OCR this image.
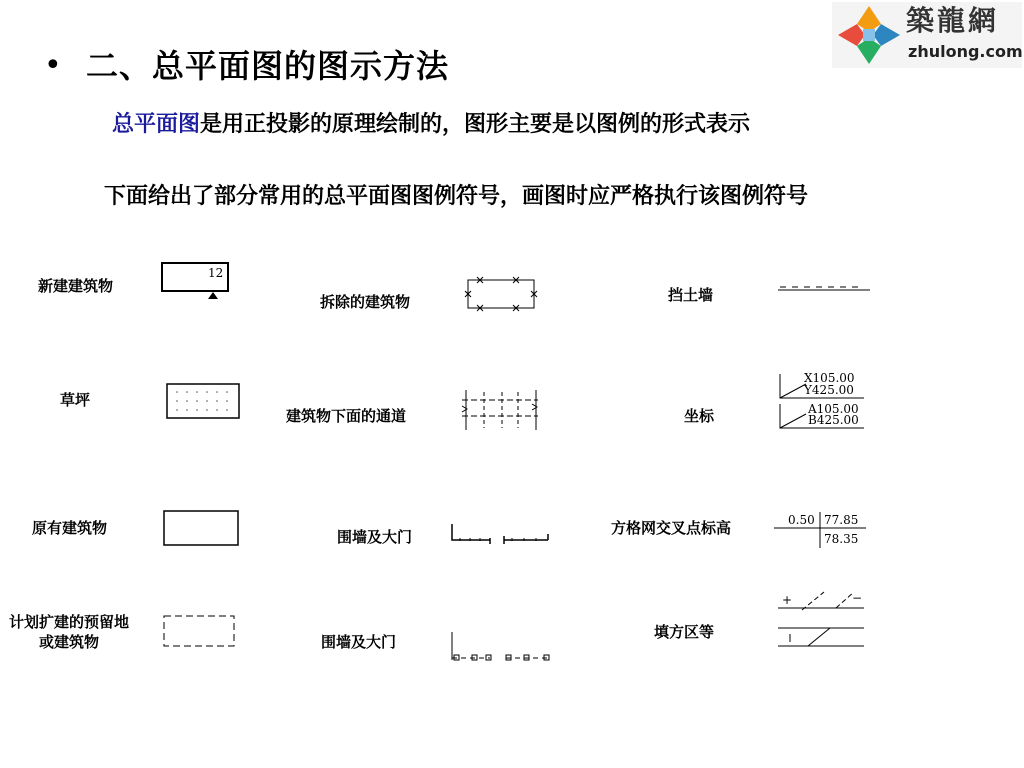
築龍網
zhulong.com
• 二、总平面图的图示方法
总平面图是用正投影的原理绘制的，图形主要是以图例的形式表示
下面给出了部分常用的总平面图图例符号，画图时应严格执行该图例符号
新建建筑物
12
拆除的建筑物	挡土墙
草坪
建筑物下面的通道	坐标
X105.00
Y425.00
A105.00
B425.00
原有建筑物	围墙及大门	方格网交叉点标高	0.50 77.85
78.35
计划扩建的预留地
或建筑物	围墙及大门
填方区等
+	−
